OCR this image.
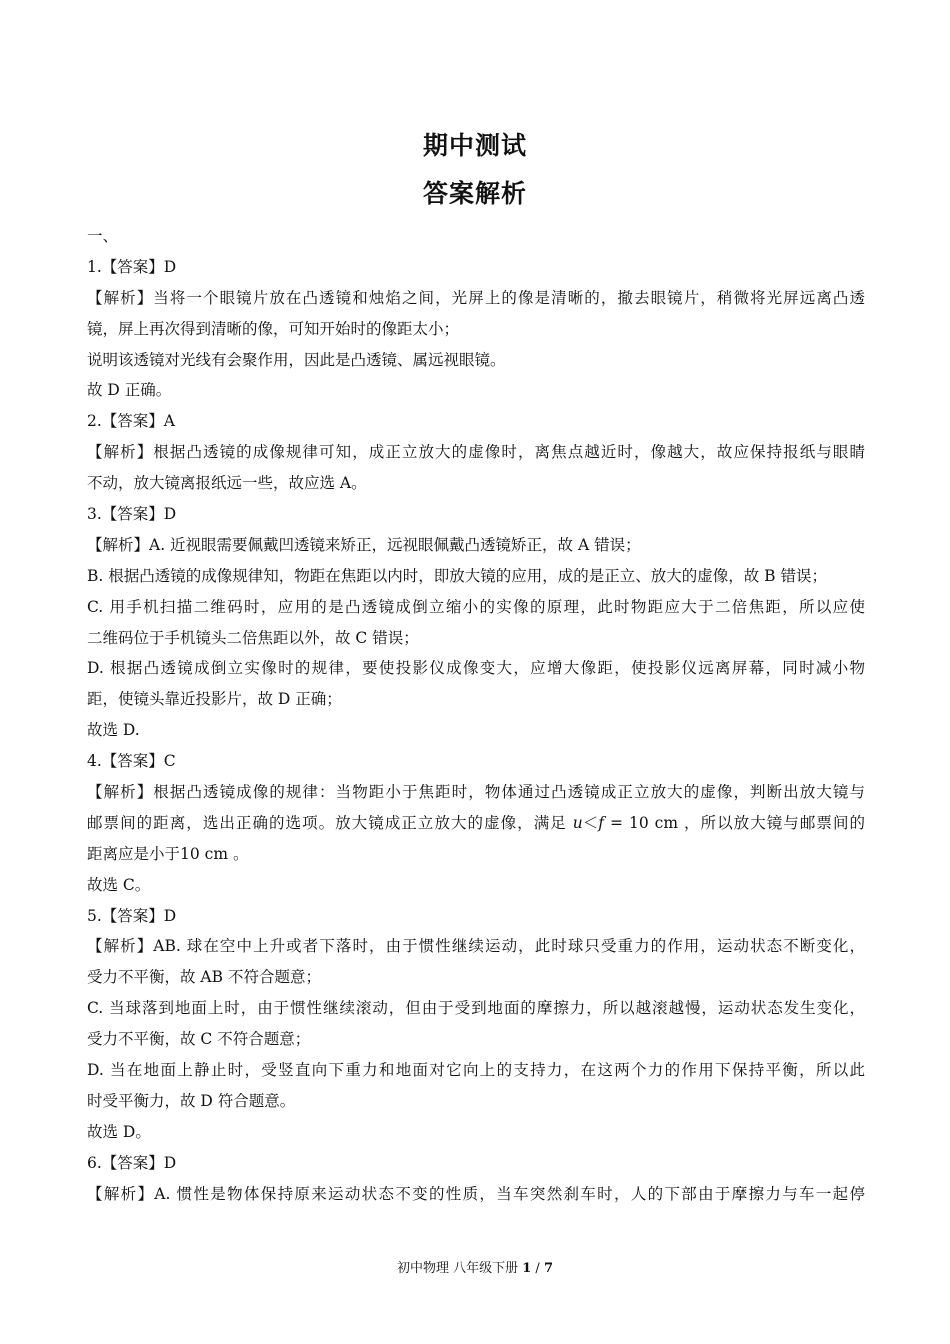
期中测试
答案解析
一、
1.【答案】D
【解析】当将一个眼镜片放在凸透镜和烛焰之间，光屏上的像是清晰的，撤去眼镜片，稍微将光屏远离凸透
镜，屏上再次得到清晰的像，可知开始时的像距太小；
说明该透镜对光线有会聚作用，因此是凸透镜、属远视眼镜。
故 D 正确。
2.【答案】A
【解析】根据凸透镜的成像规律可知，成正立放大的虚像时，离焦点越近时，像越大，故应保持报纸与眼睛
不动，放大镜离报纸远一些，故应选 A。
3.【答案】D
【解析】A. 近视眼需要佩戴凹透镜来矫正，远视眼佩戴凸透镜矫正，故 A 错误；
B. 根据凸透镜的成像规律知，物距在焦距以内时，即放大镜的应用，成的是正立、放大的虚像，故 B 错误；
C. 用手机扫描二维码时，应用的是凸透镜成倒立缩小的实像的原理，此时物距应大于二倍焦距，所以应使
二维码位于手机镜头二倍焦距以外，故 C 错误；
D. 根据凸透镜成倒立实像时的规律，要使投影仪成像变大，应增大像距，使投影仪远离屏幕，同时减小物
距，使镜头靠近投影片，故 D 正确；
故选 D.
4.【答案】C
【解析】根据凸透镜成像的规律：当物距小于焦距时，物体通过凸透镜成正立放大的虚像，判断出放大镜与
邮票间的距离，选出正确的选项。放大镜成正立放大的虚像，满足 u＜f = 10 cm ，所以放大镜与邮票间的
距离应是小于10 cm 。
故选 C。
5.【答案】D
【解析】AB. 球在空中上升或者下落时，由于惯性继续运动，此时球只受重力的作用，运动状态不断变化，
受力不平衡，故 AB 不符合题意；
C. 当球落到地面上时，由于惯性继续滚动，但由于受到地面的摩擦力，所以越滚越慢，运动状态发生变化，
受力不平衡，故 C 不符合题意；
D. 当在地面上静止时，受竖直向下重力和地面对它向上的支持力，在这两个力的作用下保持平衡，所以此
时受平衡力，故 D 符合题意。
故选 D。
6.【答案】D
【解析】A. 惯性是物体保持原来运动状态不变的性质，当车突然刹车时，人的下部由于摩擦力与车一起停
初中物理 八年级下册 1 / 7
